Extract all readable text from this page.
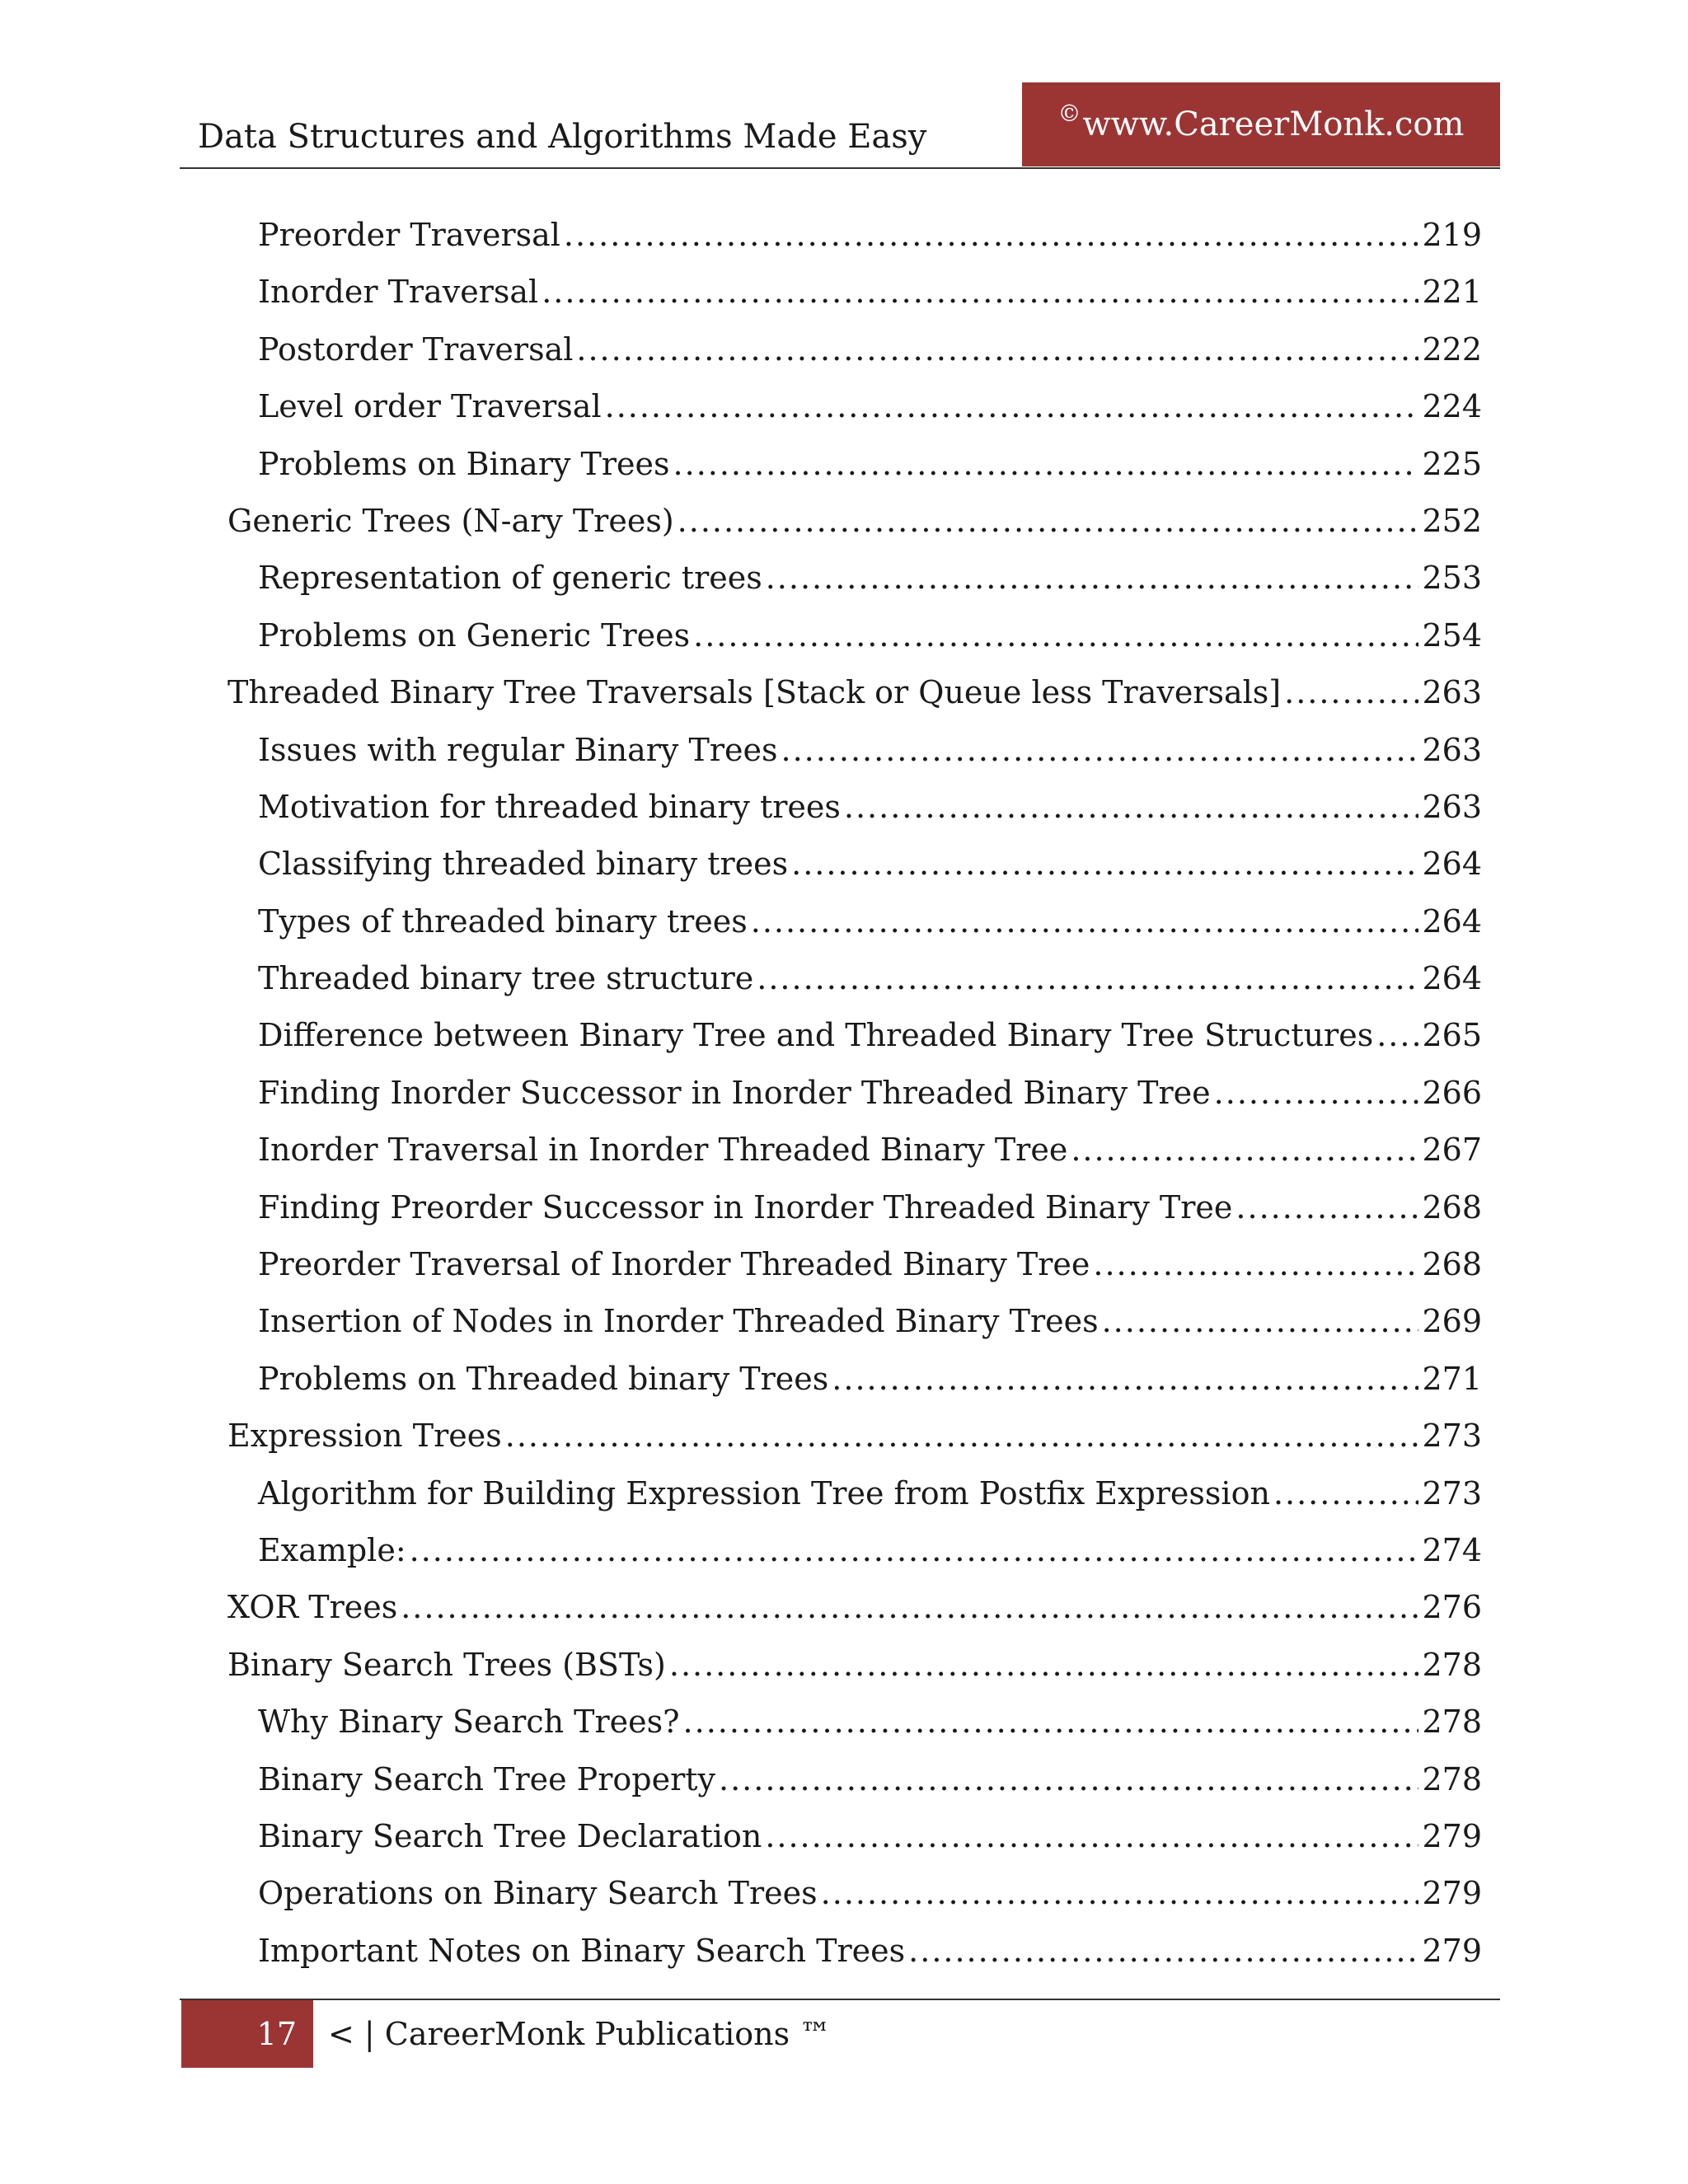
Data Structures and Algorithms Made Easy
© www.CareerMonk.com
Preorder Traversal .....	219
Inorder Traversal .....	221
Postorder Traversal .....	222
Level order Traversal .....	224
Problems on Binary Trees .....	225
Generic Trees (N-ary Trees) .....	252
Representation of generic trees .....	253
Problems on Generic Trees .....	254
Threaded Binary Tree Traversals [Stack or Queue less Traversals] .....	263
Issues with regular Binary Trees .....	263
Motivation for threaded binary trees .....	263
Classifying threaded binary trees .....	264
Types of threaded binary trees .....	264
Threaded binary tree structure .....	264
Difference between Binary Tree and Threaded Binary Tree Structures ..... 265
Finding Inorder Successor in Inorder Threaded Binary Tree .....	266
Inorder Traversal in Inorder Threaded Binary Tree .....	267
Finding Preorder Successor in Inorder Threaded Binary Tree .....	268
Preorder Traversal of Inorder Threaded Binary Tree .....	268
Insertion of Nodes in Inorder Threaded Binary Trees .....	269
Problems on Threaded binary Trees .....	271
Expression Trees .....	273
Algorithm for Building Expression Tree from Postfix Expression .....	273
Example: .....	274
XOR Trees .....	276
Binary Search Trees (BSTs) .....	278
Why Binary Search Trees? .....	278
Binary Search Tree Property .....	278
Binary Search Tree Declaration .....	279
Operations on Binary Search Trees .....	279
Important Notes on Binary Search Trees .....	279
17 < | CareerMonk Publications ™
